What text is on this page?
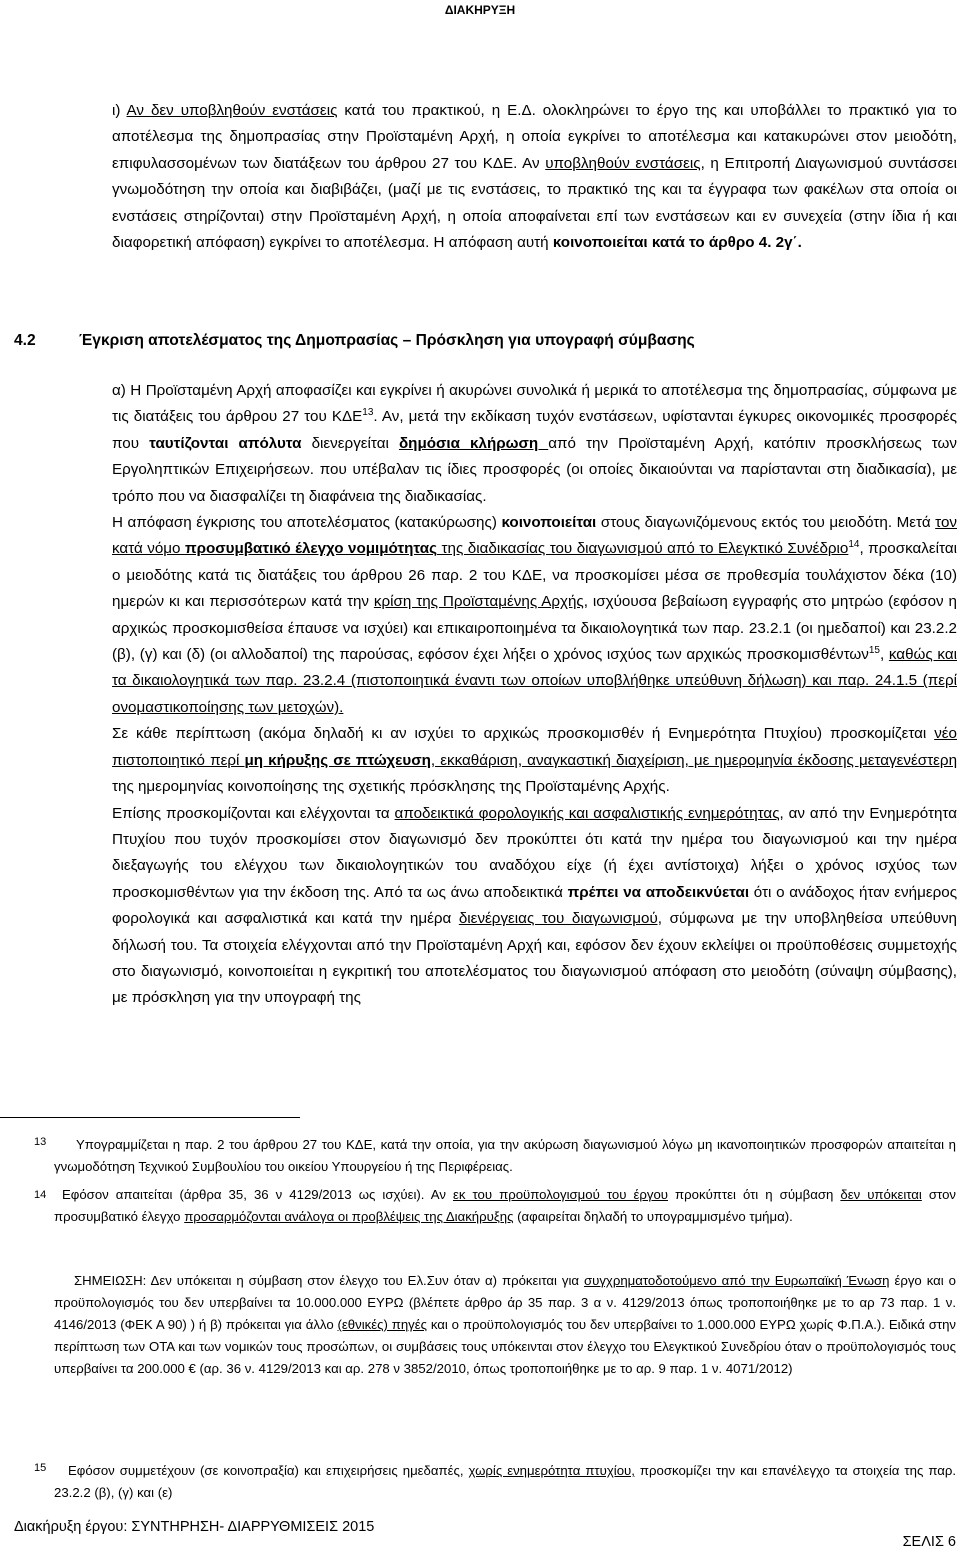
ΔΙΑΚΗΡΥΞΗ

ι) Αν δεν υποβληθούν ενστάσεις κατά του πρακτικού, η Ε.Δ. ολοκληρώνει το έργο της και υποβάλλει το πρακτικό για το αποτέλεσμα της δημοπρασίας στην Προϊσταμένη Αρχή, η οποία εγκρίνει το αποτέλεσμα και κατακυρώνει στον μειοδότη, επιφυλασσομένων των διατάξεων του άρθρου 27 του ΚΔΕ. Αν υποβληθούν ενστάσεις, η Επιτροπή Διαγωνισμού συντάσσει γνωμοδότηση την οποία και διαβιβάζει, (μαζί με τις ενστάσεις, το πρακτικό της και τα έγγραφα των φακέλων στα οποία οι ενστάσεις στηρίζονται) στην Προϊσταμένη Αρχή, η οποία αποφαίνεται επί των ενστάσεων και εν συνεχεία (στην ίδια ή και διαφορετική απόφαση) εγκρίνει το αποτέλεσμα. Η απόφαση αυτή κοινοποιείται κατά το άρθρο 4. 2γ΄.

4.2	Έγκριση αποτελέσματος της Δημοπρασίας – Πρόσκληση για υπογραφή σύμβασης
α) Η Προϊσταμένη Αρχή αποφασίζει και εγκρίνει ή ακυρώνει συνολικά ή μερικά το αποτέλεσμα της δημοπρασίας, σύμφωνα με τις διατάξεις του άρθρου 27 του ΚΔΕ$^{13}$. Αν, μετά την εκδίκαση τυχόν ενστάσεων, υφίστανται έγκυρες οικονομικές προσφορές που ταυτίζονται απόλυτα διενεργείται δημόσια κλήρωση από την Προϊσταμένη Αρχή, κατόπιν προσκλήσεως των Εργοληπτικών Επιχειρήσεων. που υπέβαλαν τις ίδιες προσφορές (οι οποίες δικαιούνται να παρίστανται στη διαδικασία), με τρόπο που να διασφαλίζει τη διαφάνεια της διαδικασίας.
Η απόφαση έγκρισης του αποτελέσματος (κατακύρωσης) κοινοποιείται στους διαγωνιζόμενους εκτός του μειοδότη. Μετά τον κατά νόμο προσυμβατικό έλεγχο νομιμότητας της διαδικασίας του διαγωνισμού από το Ελεγκτικό Συνέδριο$^{14}$, προσκαλείται ο μειοδότης κατά τις διατάξεις του άρθρου 26 παρ. 2 του ΚΔΕ, να προσκομίσει μέσα σε προθεσμία τουλάχιστον δέκα (10) ημερών κι και περισσότερων κατά την κρίση της Προϊσταμένης Αρχής, ισχύουσα βεβαίωση εγγραφής στο μητρώο (εφόσον η αρχικώς προσκομισθείσα έπαυσε να ισχύει) και επικαιροποιημένα τα δικαιολογητικά των παρ. 23.2.1 (οι ημεδαποί) και 23.2.2 (β), (γ) και (δ) (οι αλλοδαποί) της παρούσας, εφόσον έχει λήξει ο χρόνος ισχύος των αρχικώς προσκομισθέντων$^{15}$, καθώς και τα δικαιολογητικά των παρ. 23.2.4 (πιστοποιητικά έναντι των οποίων υποβλήθηκε υπεύθυνη δήλωση) και παρ. 24.1.5 (περί ονομαστικοποίησης των μετοχών).
Σε κάθε περίπτωση (ακόμα δηλαδή κι αν ισχύει το αρχικώς προσκομισθέν ή Ενημερότητα Πτυχίου) προσκομίζεται νέο πιστοποιητικό περί μη κήρυξης σε πτώχευση, εκκαθάριση, αναγκαστική διαχείριση, με ημερομηνία έκδοσης μεταγενέστερη της ημερομηνίας κοινοποίησης της σχετικής πρόσκλησης της Προϊσταμένης Αρχής.
Επίσης προσκομίζονται και ελέγχονται τα αποδεικτικά φορολογικής και ασφαλιστικής ενημερότητας, αν από την Ενημερότητα Πτυχίου που τυχόν προσκομίσει στον διαγωνισμό δεν προκύπτει ότι κατά την ημέρα του διαγωνισμού και την ημέρα διεξαγωγής του ελέγχου των δικαιολογητικών του αναδόχου είχε (ή έχει αντίστοιχα) λήξει ο χρόνος ισχύος των προσκομισθέντων για την έκδοση της. Από τα ως άνω αποδεικτικά πρέπει να αποδεικνύεται ότι ο ανάδοχος ήταν ενήμερος φορολογικά και ασφαλιστικά και κατά την ημέρα διενέργειας του διαγωνισμού, σύμφωνα με την υποβληθείσα υπεύθυνη δήλωσή του. Τα στοιχεία ελέγχονται από την Προϊσταμένη Αρχή και, εφόσον δεν έχουν εκλείψει οι προϋποθέσεις συμμετοχής στο διαγωνισμό, κοινοποιείται η εγκριτική του αποτελέσματος του διαγωνισμού απόφαση στο μειοδότη (σύναψη σύμβασης), με πρόσκληση για την υπογραφή της
13	Υπογραμμίζεται η παρ. 2 του άρθρου 27 του ΚΔΕ, κατά την οποία, για την ακύρωση διαγωνισμού λόγω μη ικανοποιητικών προσφορών απαιτείται η γνωμοδότηση Τεχνικού Συμβουλίου του οικείου Υπουργείου ή της Περιφέρειας.

14	Εφόσον απαιτείται (άρθρα 35, 36 ν 4129/2013 ως ισχύει). Αν εκ του προϋπολογισμού του έργου προκύπτει ότι η σύμβαση δεν υπόκειται στον προσυμβατικό έλεγχο προσαρμόζονται ανάλογα οι προβλέψεις της Διακήρυξης (αφαιρείται δηλαδή το υπογραμμισμένο τμήμα).

ΣΗΜΕΙΩΣΗ: Δεν υπόκειται η σύμβαση στον έλεγχο του Ελ.Συν όταν α) πρόκειται για συγχρηματοδοτούμενο από την Ευρωπαϊκή Ένωση έργο και ο προϋπολογισμός του δεν υπερβαίνει τα 10.000.000 ΕΥΡΩ (βλέπετε άρθρο άρ 35 παρ. 3 α ν. 4129/2013 όπως τροποποιήθηκε με το αρ 73 παρ. 1 ν. 4146/2013 (ΦΕΚ Α 90) ) ή β) πρόκειται για άλλο (εθνικές) πηγές και ο προϋπολογισμός του δεν υπερβαίνει το 1.000.000 ΕΥΡΩ χωρίς Φ.Π.Α.). Ειδικά στην περίπτωση των ΟΤΑ και των νομικών τους προσώπων, οι συμβάσεις τους υπόκεινται στον έλεγχο του Ελεγκτικού Συνεδρίου όταν ο προϋπολογισμός τους υπερβαίνει τα 200.000 € (αρ. 36 ν. 4129/2013 και αρ. 278 ν 3852/2010, όπως τροποποιήθηκε με το αρ. 9 παρ. 1 ν. 4071/2012)

15	Εφόσον συμμετέχουν (σε κοινοπραξία) και επιχειρήσεις ημεδαπές, χωρίς ενημερότητα πτυχίου, προσκομίζει την και επανέλεγχο τα στοιχεία της παρ. 23.2.2 (β), (γ) και (ε)

Διακήρυξη έργου: ΣΥΝΤΗΡΗΣΗ- ΔΙΑΡΡΥΘΜΙΣΕΙΣ 2015
ΣΕΛΙΣ 6
